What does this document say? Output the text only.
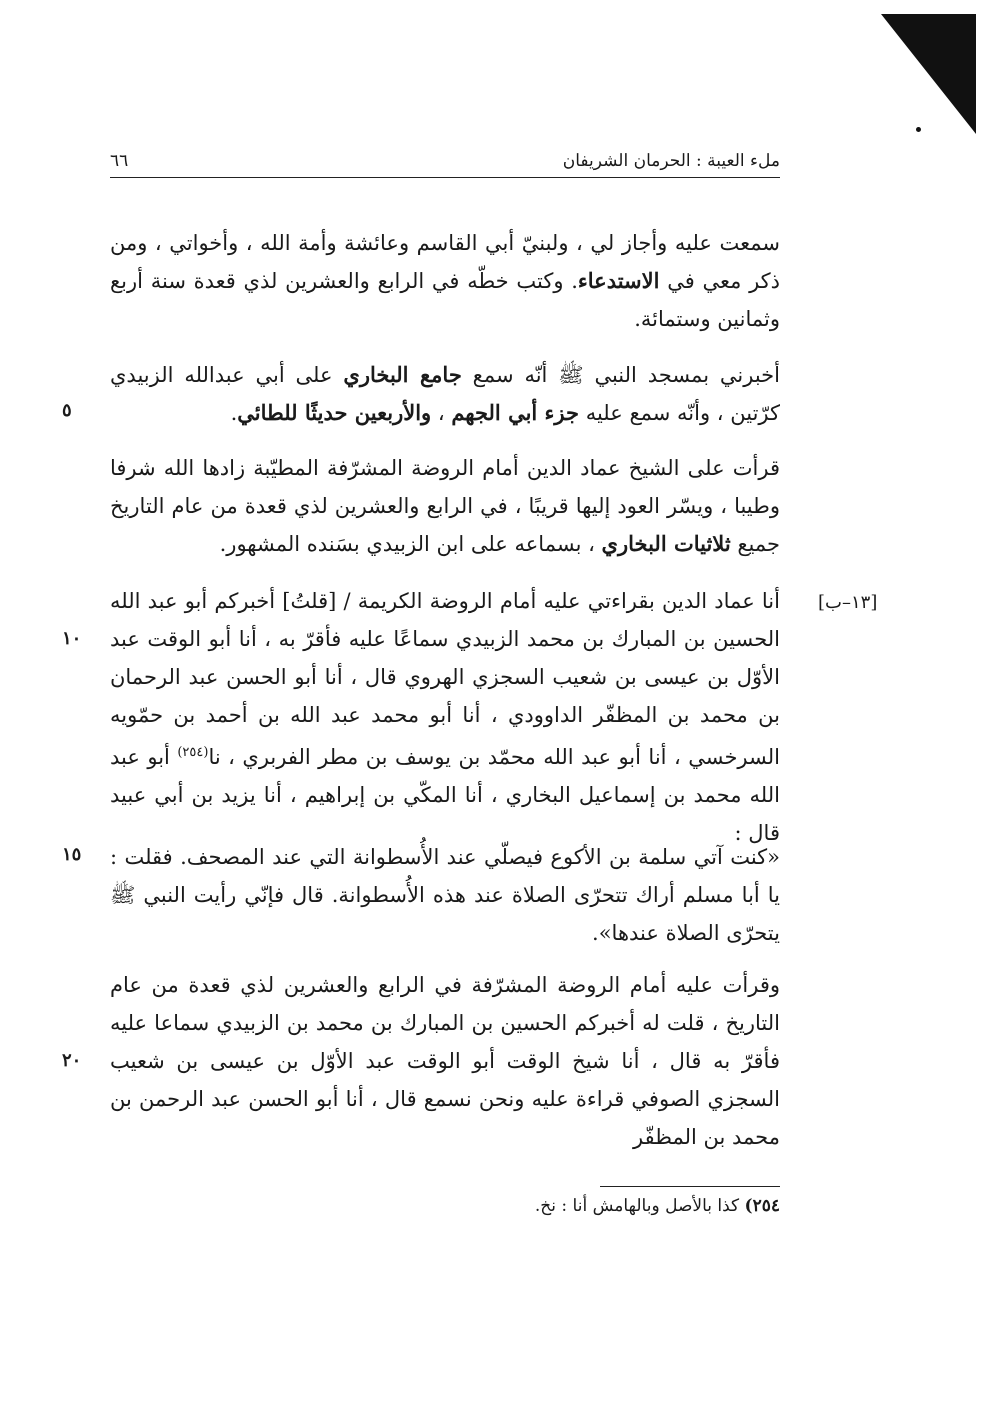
ملء العيبة : الحرمان الشريفان
٦٦

سمعت عليه وأجاز لي ، ولبنيّ أبي القاسم وعائشة وأمة الله ، وأخواتي ، ومن ذكر معي في الاستدعاء. وكتب خطّه في الرابع والعشرين لذي قعدة سنة أربع وثمانين وستمائة.

أخبرني بمسجد النبي ﷺ أنّه سمع جامع البخاري على أبي عبدالله الزبيدي كرّتين ، وأنّه سمع عليه جزء أبي الجهم ، والأربعين حديثًا للطائي.

قرأت على الشيخ عماد الدين أمام الروضة المشرّفة المطيّبة زادها الله شرفا وطيبا ، ويسّر العود إليها قريبًا ، في الرابع والعشرين لذي قعدة من عام التاريخ جميع ثلاثيات البخاري ، بسماعه على ابن الزبيدي بسَنده المشهور.

أنا عماد الدين بقراءتي عليه أمام الروضة الكريمة / [قلتُ] أخبركم أبو عبد الله الحسين بن المبارك بن محمد الزبيدي سماعًا عليه فأقرّ به ، أنا أبو الوقت عبد الأوّل بن عيسى بن شعيب السجزي الهروي قال ، أنا أبو الحسن عبد الرحمان بن محمد بن المظفّر الداوودي ، أنا أبو محمد عبد الله بن أحمد بن حمّويه السرخسي ، أنا أبو عبد الله محمّد بن يوسف بن مطر الفربري ، نا$^{(٢٥٤)}$ أبو عبد الله محمد بن إسماعيل البخاري ، أنا المكّي بن إبراهيم ، أنا يزيد بن أبي عبيد قال :

«كنت آتي سلمة بن الأكوع فيصلّي عند الأُسطوانة التي عند المصحف. فقلت : يا أبا مسلم أراك تتحرّى الصلاة عند هذه الأُسطوانة. قال فإنّي رأيت النبي ﷺ يتحرّى الصلاة عندها».

وقرأت عليه أمام الروضة المشرّفة في الرابع والعشرين لذي قعدة من عام التاريخ ، قلت له أخبركم الحسين بن المبارك بن محمد بن الزبيدي سماعا عليه فأقرّ به قال ، أنا شيخ الوقت أبو الوقت عبد الأوّل بن عيسى بن شعيب السجزي الصوفي قراءة عليه ونحن نسمع قال ، أنا أبو الحسن عبد الرحمن بن محمد بن المظفّر

٥
١٠
١٥
٢٠
[١٣–ب]
٢٥٤) كذا بالأصل وبالهامش أنا : نخ.
